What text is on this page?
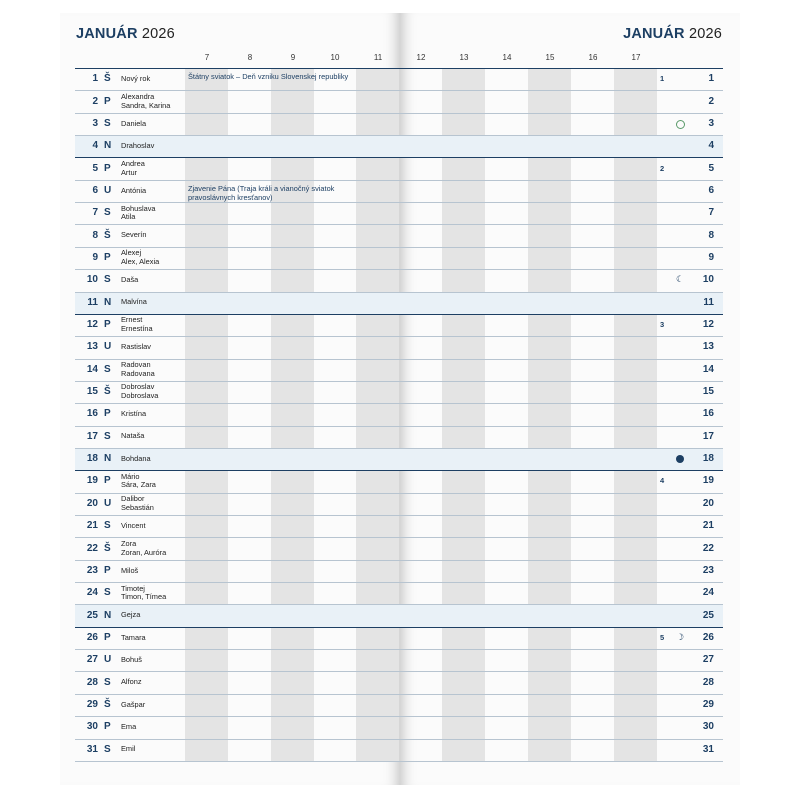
JANUÁR 2026	JANUÁR 2026
7	8	9	10	11	12	13	14	15	16	17
1 Š Nový rok	Štátny sviatok – Deň vzniku Slovenskej republiky	1	1
2 P Alexandra
Sandra, Karina	2
3 S Daniela	3
4 N Drahoslav	4
5 P Andrea
Artur	2	5
6 U Antónia	Zjavenie Pána (Traja králi a vianočný sviatok
pravoslávnych kresťanov)
6
7 S Bohuslava
Atila	7
8 Š Severín	8
9 P Alexej
Alex, Alexia	9
10 S Daša	☾	10
11 N Malvína	11
12 P Ernest
Ernestína	3	12
13 U Rastislav	13
14 S Radovan
Radovana	14
15 Š Dobroslav
Dobroslava	15
16 P Kristína	16
17 S Nataša	17
18 N Bohdana	18
19 P Mário
Sára, Zara	4	19
20 U Dalibor
Sebastián	20
21 S Vincent	21
22 Š Zora
Zoran, Auróra	22
23 P Miloš	23
24 S Timotej
Timon, Tímea	24
25 N Gejza	25
26 P Tamara	5 ☽	26
27 U Bohuš	27
28 S Alfonz	28
29 Š Gašpar	29
30 P Ema	30
31 S Emil	31
